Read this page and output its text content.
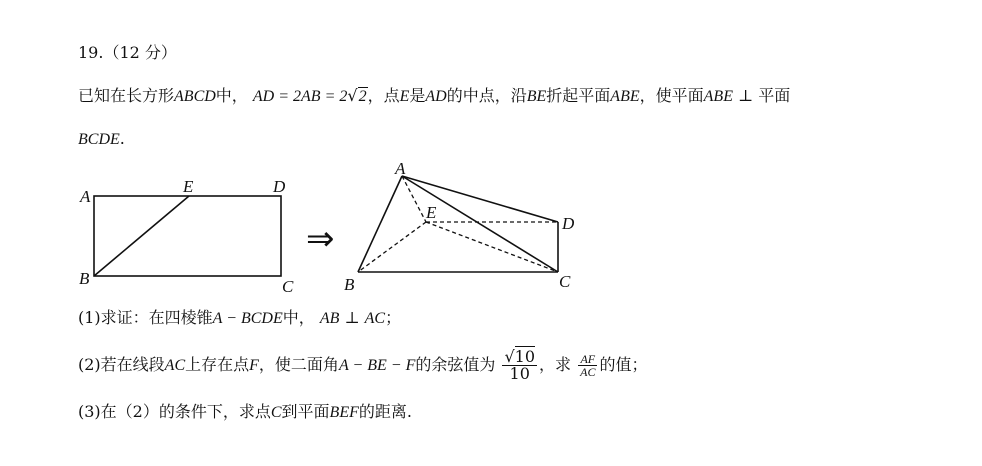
19.（12 分）
已知在长方形ABCD中， AD = 2AB = 2√2，点E是AD的中点，沿BE折起平面ABE，使平面ABE ⊥ 平面
BCDE.
A
E	D
B	C
⇒
A
E
D
B	C
(1)求证：在四棱锥A − BCDE中， AB ⊥ AC；
(2)若在线段AC上存在点F，使二面角A − BE − F的余弦值为 $\frac{√10}{10}$ ，求 $\frac{AF}{AC}$ 的值；
(3)在（2）的条件下，求点C到平面BEF的距离.
